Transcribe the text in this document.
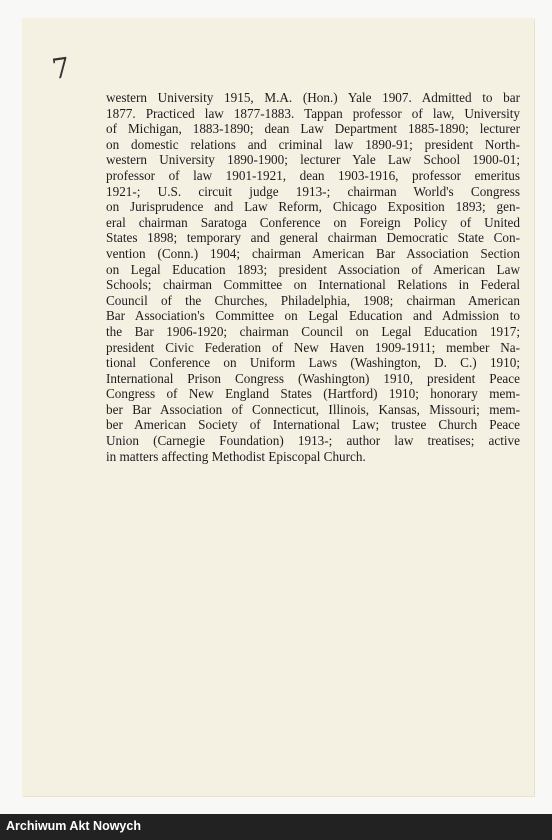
7
western University 1915, M.A. (Hon.) Yale 1907. Admitted to bar
1877. Practiced law 1877-1883. Tappan professor of law, University
of Michigan, 1883-1890; dean Law Department 1885-1890; lecturer
on domestic relations and criminal law 1890-91; president North-
western University 1890-1900; lecturer Yale Law School 1900-01;
professor of law 1901-1921, dean 1903-1916, professor emeritus
1921-; U.S. circuit judge 1913-; chairman World's Congress
on Jurisprudence and Law Reform, Chicago Exposition 1893; gen-
eral chairman Saratoga Conference on Foreign Policy of United
States 1898; temporary and general chairman Democratic State Con-
vention (Conn.) 1904; chairman American Bar Association Section
on Legal Education 1893; president Association of American Law
Schools; chairman Committee on International Relations in Federal
Council of the Churches, Philadelphia, 1908; chairman American
Bar Association's Committee on Legal Education and Admission to
the Bar 1906-1920; chairman Council on Legal Education 1917;
president Civic Federation of New Haven 1909-1911; member Na-
tional Conference on Uniform Laws (Washington, D. C.) 1910;
International Prison Congress (Washington) 1910, president Peace
Congress of New England States (Hartford) 1910; honorary mem-
ber Bar Association of Connecticut, Illinois, Kansas, Missouri; mem-
ber American Society of International Law; trustee Church Peace
Union (Carnegie Foundation) 1913-; author law treatises; active
in matters affecting Methodist Episcopal Church.
Archiwum Akt Nowych
